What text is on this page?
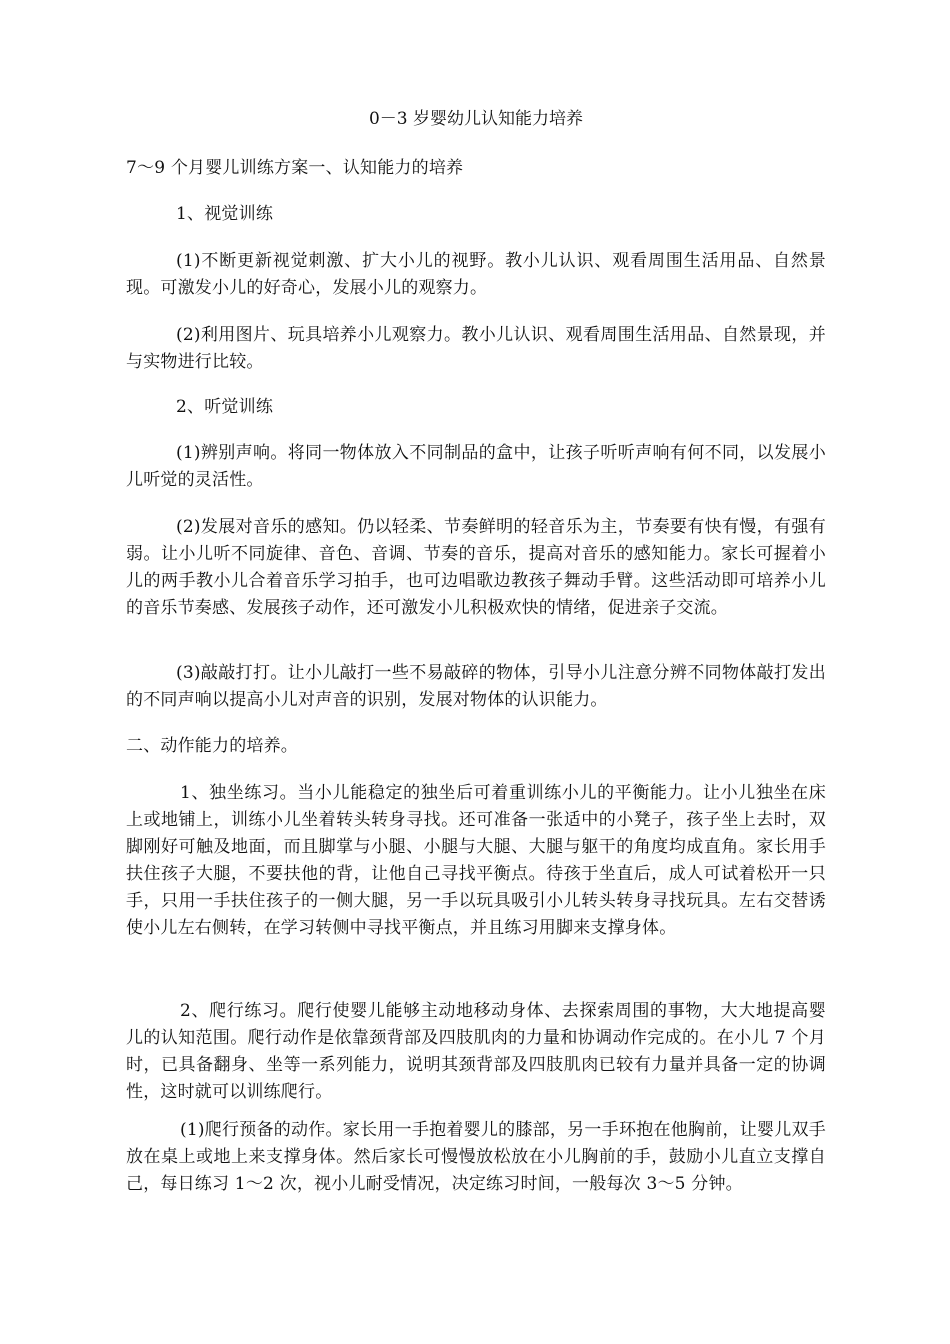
0－3 岁婴幼儿认知能力培养

7～9 个月婴儿训练方案一、认知能力的培养

1、视觉训练

(1)不断更新视觉刺激、扩大小儿的视野。教小儿认识、观看周围生活用品、自然景现。可激发小儿的好奇心，发展小儿的观察力。

(2)利用图片、玩具培养小儿观察力。教小儿认识、观看周围生活用品、自然景现，并与实物进行比较。

2、听觉训练

(1)辨别声响。将同一物体放入不同制品的盒中，让孩子听听声响有何不同，以发展小儿听觉的灵活性。

(2)发展对音乐的感知。仍以轻柔、节奏鲜明的轻音乐为主，节奏要有快有慢，有强有弱。让小儿听不同旋律、音色、音调、节奏的音乐，提高对音乐的感知能力。家长可握着小儿的两手教小儿合着音乐学习拍手，也可边唱歌边教孩子舞动手臂。这些活动即可培养小儿的音乐节奏感、发展孩子动作，还可激发小儿积极欢快的情绪，促进亲子交流。

(3)敲敲打打。让小儿敲打一些不易敲碎的物体，引导小儿注意分辨不同物体敲打发出的不同声响以提高小儿对声音的识别，发展对物体的认识能力。

二、动作能力的培养。

1、独坐练习。当小儿能稳定的独坐后可着重训练小儿的平衡能力。让小儿独坐在床上或地铺上，训练小儿坐着转头转身寻找。还可准备一张适中的小凳子，孩子坐上去时，双脚刚好可触及地面，而且脚掌与小腿、小腿与大腿、大腿与躯干的角度均成直角。家长用手扶住孩子大腿，不要扶他的背，让他自己寻找平衡点。待孩于坐直后，成人可试着松开一只手，只用一手扶住孩子的一侧大腿，另一手以玩具吸引小儿转头转身寻找玩具。左右交替诱使小儿左右侧转，在学习转侧中寻找平衡点，并且练习用脚来支撑身体。

2、爬行练习。爬行使婴儿能够主动地移动身体、去探索周围的事物，大大地提高婴儿的认知范围。爬行动作是依靠颈背部及四肢肌肉的力量和协调动作完成的。在小儿 7 个月时，已具备翻身、坐等一系列能力，说明其颈背部及四肢肌肉已较有力量并具备一定的协调性，这时就可以训练爬行。

(1)爬行预备的动作。家长用一手抱着婴儿的膝部，另一手环抱在他胸前，让婴儿双手放在桌上或地上来支撑身体。然后家长可慢慢放松放在小儿胸前的手，鼓励小儿直立支撑自己，每日练习 1～2 次，视小儿耐受情况，决定练习时间，一般每次 3～5 分钟。
